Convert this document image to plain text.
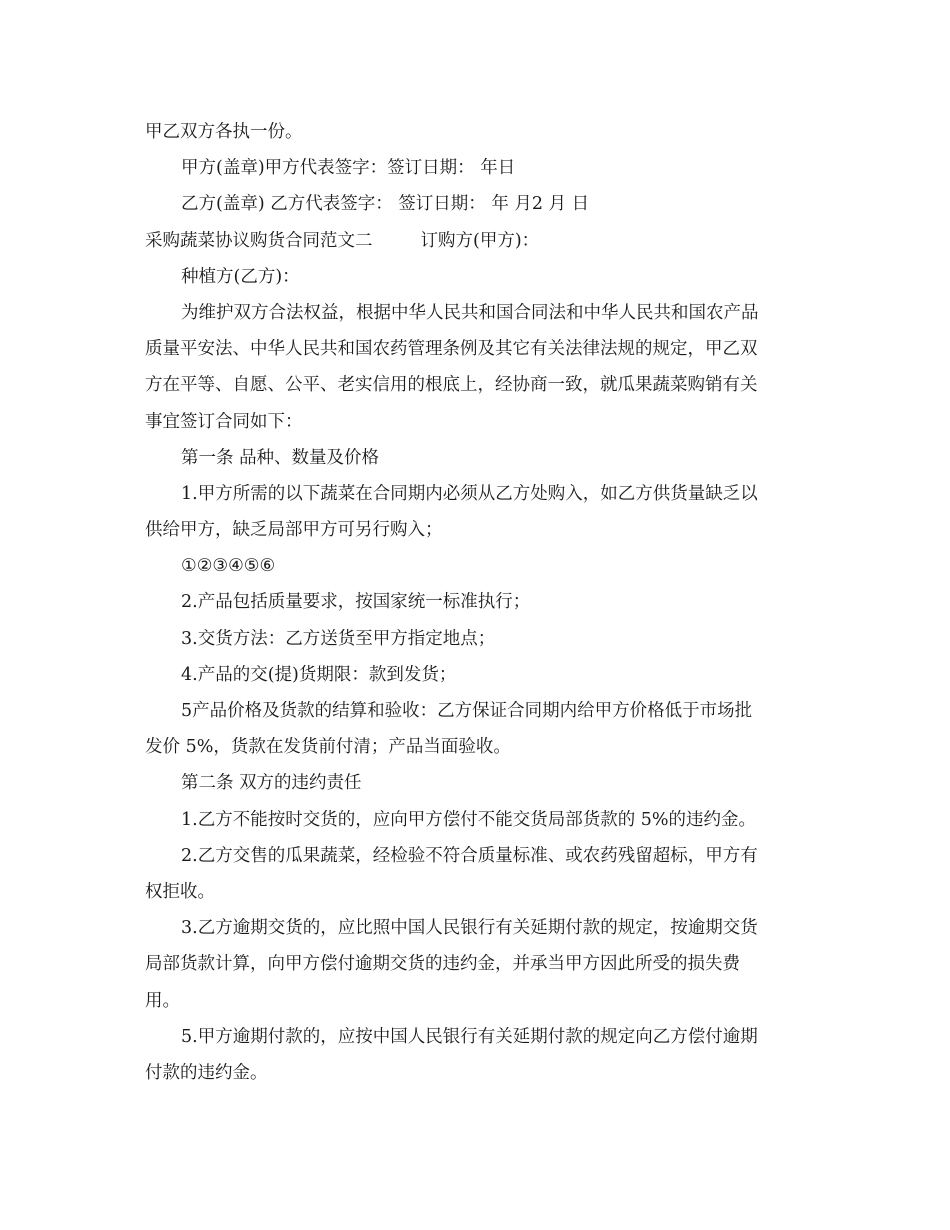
甲乙双方各执一份。
甲方(盖章)甲方代表签字：签订日期： 年日
乙方(盖章) 乙方代表签字： 签订日期： 年 月2 月 日
采购蔬菜协议购货合同范文二	订购方(甲方)：
种植方(乙方)：
为维护双方合法权益，根据中华人民共和国合同法和中华人民共和国农产品
质量平安法、中华人民共和国农药管理条例及其它有关法律法规的规定，甲乙双
方在平等、自愿、公平、老实信用的根底上，经协商一致，就瓜果蔬菜购销有关
事宜签订合同如下：
第一条 品种、数量及价格
1.甲方所需的以下蔬菜在合同期内必须从乙方处购入，如乙方供货量缺乏以
供给甲方，缺乏局部甲方可另行购入；
①②③④⑤⑥
2.产品包括质量要求，按国家统一标准执行；
3.交货方法：乙方送货至甲方指定地点；
4.产品的交(提)货期限：款到发货；
5产品价格及货款的结算和验收：乙方保证合同期内给甲方价格低于市场批
发价 5%，货款在发货前付清；产品当面验收。
第二条 双方的违约责任
1.乙方不能按时交货的，应向甲方偿付不能交货局部货款的 5%的违约金。
2.乙方交售的瓜果蔬菜，经检验不符合质量标准、或农药残留超标，甲方有
权拒收。
3.乙方逾期交货的，应比照中国人民银行有关延期付款的规定，按逾期交货
局部货款计算，向甲方偿付逾期交货的违约金，并承当甲方因此所受的损失费
用。
5.甲方逾期付款的，应按中国人民银行有关延期付款的规定向乙方偿付逾期
付款的违约金。
